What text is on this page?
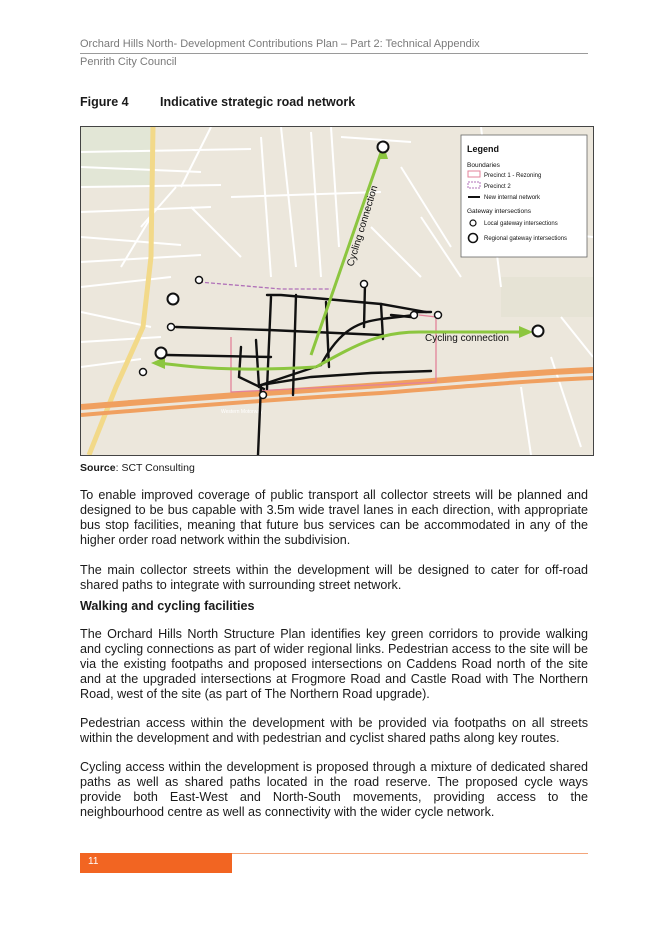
Orchard Hills North- Development Contributions Plan – Part 2: Technical Appendix
Penrith City Council
Figure 4	Indicative strategic road network
Western Motorway
Cycling connection
Cycling connection
Legend
Boundaries
Precinct 1 - Rezoning
Precinct 2
New internal network
Gateway intersections
Local gateway intersections
Regional gateway intersections
Source: SCT Consulting

To enable improved coverage of public transport all collector streets will be planned and designed to be bus capable with 3.5m wide travel lanes in each direction, with appropriate bus stop facilities, meaning that future bus services can be accommodated in any of the higher order road network within the subdivision.

The main collector streets within the development will be designed to cater for off-road shared paths to integrate with surrounding street network.

Walking and cycling facilities

The Orchard Hills North Structure Plan identifies key green corridors to provide walking and cycling connections as part of wider regional links. Pedestrian access to the site will be via the existing footpaths and proposed intersections on Caddens Road north of the site and at the upgraded intersections at Frogmore Road and Castle Road with The Northern Road, west of the site (as part of The Northern Road upgrade).

Pedestrian access within the development with be provided via footpaths on all streets within the development and with pedestrian and cyclist shared paths along key routes.

Cycling access within the development is proposed through a mixture of dedicated shared paths as well as shared paths located in the road reserve. The proposed cycle ways provide both East-West and North-South movements, providing access to the neighbourhood centre as well as connectivity with the wider cycle network.

11
